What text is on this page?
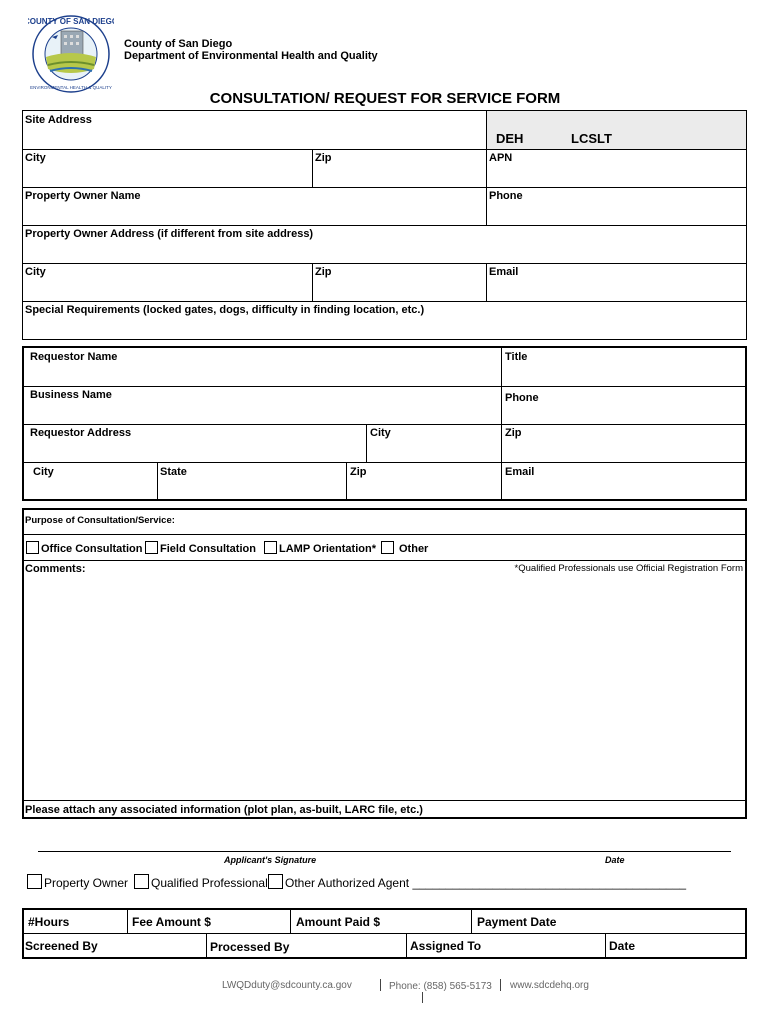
COUNTY OF SAN DIEGO
ENVIRONMENTAL HEALTH & QUALITY
County of San Diego
Department of Environmental Health and Quality
CONSULTATION/ REQUEST FOR SERVICE FORM
Site Address
DEH	LCSLT
City	Zip	APN
Property Owner Name	Phone
Property Owner Address (if different from site address)
City	Zip	Email
Special Requirements (locked gates, dogs, difficulty in finding location, etc.)
Requestor Name	Title
Business Name	Phone
Requestor Address	City	Zip
City	State	Zip	Email
Purpose of Consultation/Service:
Office Consultation	Field Consultation	LAMP Orientation*	Other
Comments:	*Qualified Professionals use Official Registration Form
Please attach any associated information (plot plan, as-built, LARC file, etc.)
Applicant's Signature	Date
Property Owner	Qualified Professional	Other Authorized Agent _________________________________________
#Hours	Fee Amount $	Amount Paid $	Payment Date
Screened By	Processed By	Assigned To	Date
LWQDduty@sdcounty.ca.gov	Phone: (858) 565-5173 www.sdcdehq.org
